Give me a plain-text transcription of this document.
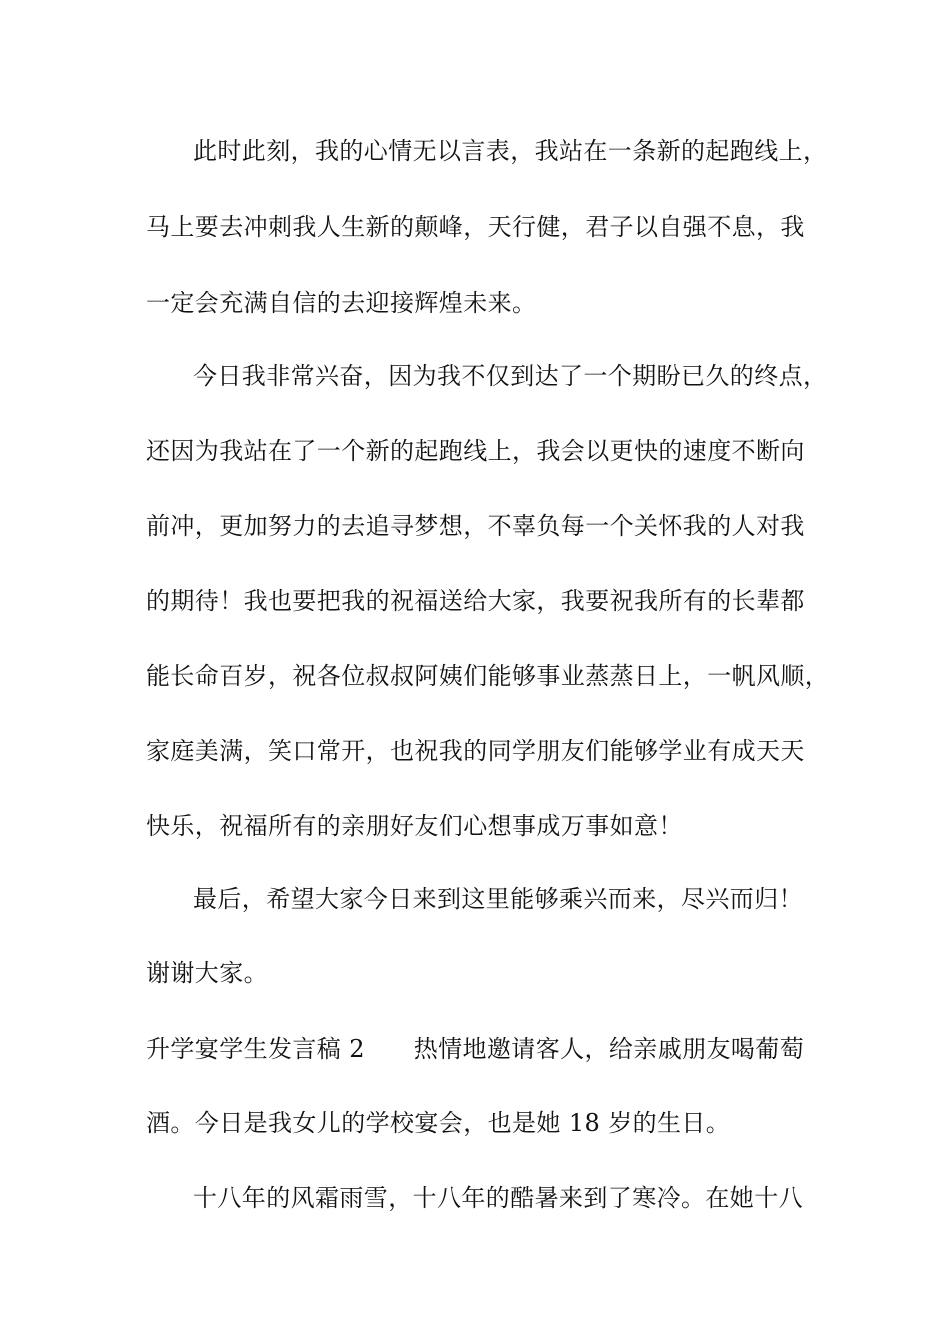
此时此刻，我的心情无以言表，我站在一条新的起跑线上，
马上要去冲刺我人生新的颠峰，天行健，君子以自强不息，我
一定会充满自信的去迎接辉煌未来。
今日我非常兴奋，因为我不仅到达了一个期盼已久的终点，
还因为我站在了一个新的起跑线上，我会以更快的速度不断向
前冲，更加努力的去追寻梦想，不辜负每一个关怀我的人对我
的期待！我也要把我的祝福送给大家，我要祝我所有的长辈都
能长命百岁，祝各位叔叔阿姨们能够事业蒸蒸日上，一帆风顺，
家庭美满，笑口常开，也祝我的同学朋友们能够学业有成天天
快乐，祝福所有的亲朋好友们心想事成万事如意！
最后，希望大家今日来到这里能够乘兴而来，尽兴而归！
谢谢大家。
升学宴学生发言稿 2　　热情地邀请客人，给亲戚朋友喝葡萄
酒。今日是我女儿的学校宴会，也是她 18 岁的生日。
十八年的风霜雨雪，十八年的酷暑来到了寒冷。在她十八
